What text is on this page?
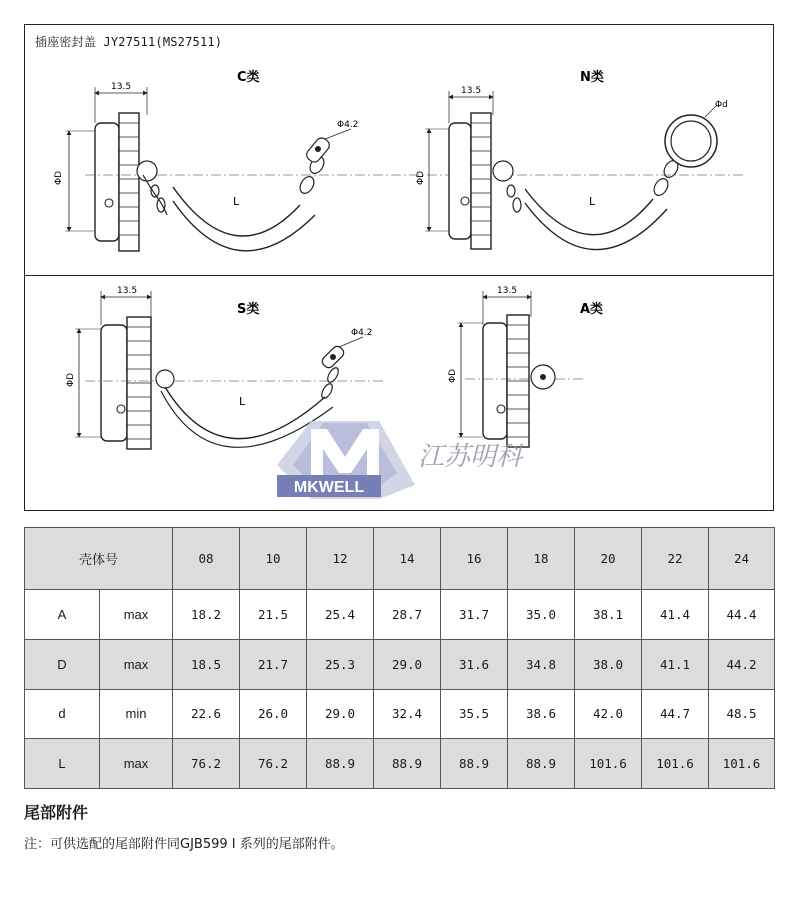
插座密封盖 JY27511(MS27511)
C类
13.5
ΦD
L
Φ4.2
N类
13.5
ΦD
L
Φd
S类
13.5
ΦD
L
Φ4.2
A类
13.5
ΦD
MKWELL
江苏明科
壳体号		08	10	12	14	16	18	20	22	24
A	max	18.2	21.5	25.4	28.7	31.7	35.0	38.1	41.4	44.4
D	max	18.5	21.7	25.3	29.0	31.6	34.8	38.0	41.1	44.2
d	min	22.6	26.0	29.0	32.4	35.5	38.6	42.0	44.7	48.5
L	max	76.2	76.2	88.9	88.9	88.9	88.9	101.6	101.6	101.6
尾部附件
注：可供选配的尾部附件同GJB599 I 系列的尾部附件。
